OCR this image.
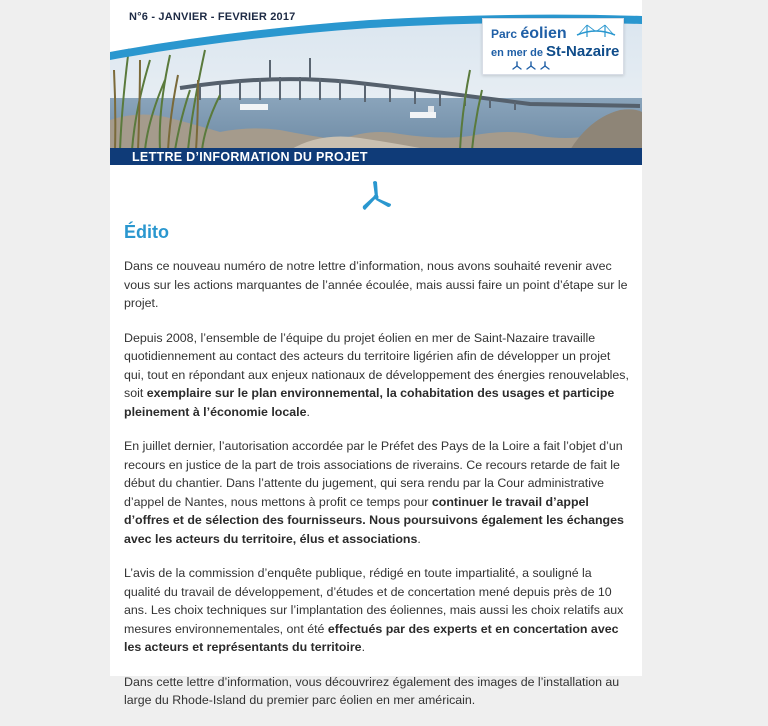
N°6 - JANVIER - FEVRIER 2017
Parc éolien
en mer de St-Nazaire
LETTRE D’INFORMATION DU PROJET
Édito

Dans ce nouveau numéro de notre lettre d’information, nous avons souhaité revenir avec vous sur les actions marquantes de l’année écoulée, mais aussi faire un point d’étape sur le projet.

Depuis 2008, l’ensemble de l’équipe du projet éolien en mer de Saint-Nazaire travaille quotidiennement au contact des acteurs du territoire ligérien afin de développer un projet qui, tout en répondant aux enjeux nationaux de développement des énergies renouvelables, soit exemplaire sur le plan environnemental, la cohabitation des usages et participe pleinement à l’économie locale.

En juillet dernier, l’autorisation accordée par le Préfet des Pays de la Loire a fait l’objet d’un recours en justice de la part de trois associations de riverains. Ce recours retarde de fait le début du chantier. Dans l’attente du jugement, qui sera rendu par la Cour administrative d’appel de Nantes, nous mettons à profit ce temps pour continuer le travail d’appel d’offres et de sélection des fournisseurs. Nous poursuivons également les échanges avec les acteurs du territoire, élus et associations.

L’avis de la commission d’enquête publique, rédigé en toute impartialité, a souligné la qualité du travail de développement, d’études et de concertation mené depuis près de 10 ans. Les choix techniques sur l’implantation des éoliennes, mais aussi les choix relatifs aux mesures environnementales, ont été effectués par des experts et en concertation avec les acteurs et représentants du territoire.

Dans cette lettre d’information, vous découvrirez également des images de l’installation au large du Rhode-Island du premier parc éolien en mer américain.
